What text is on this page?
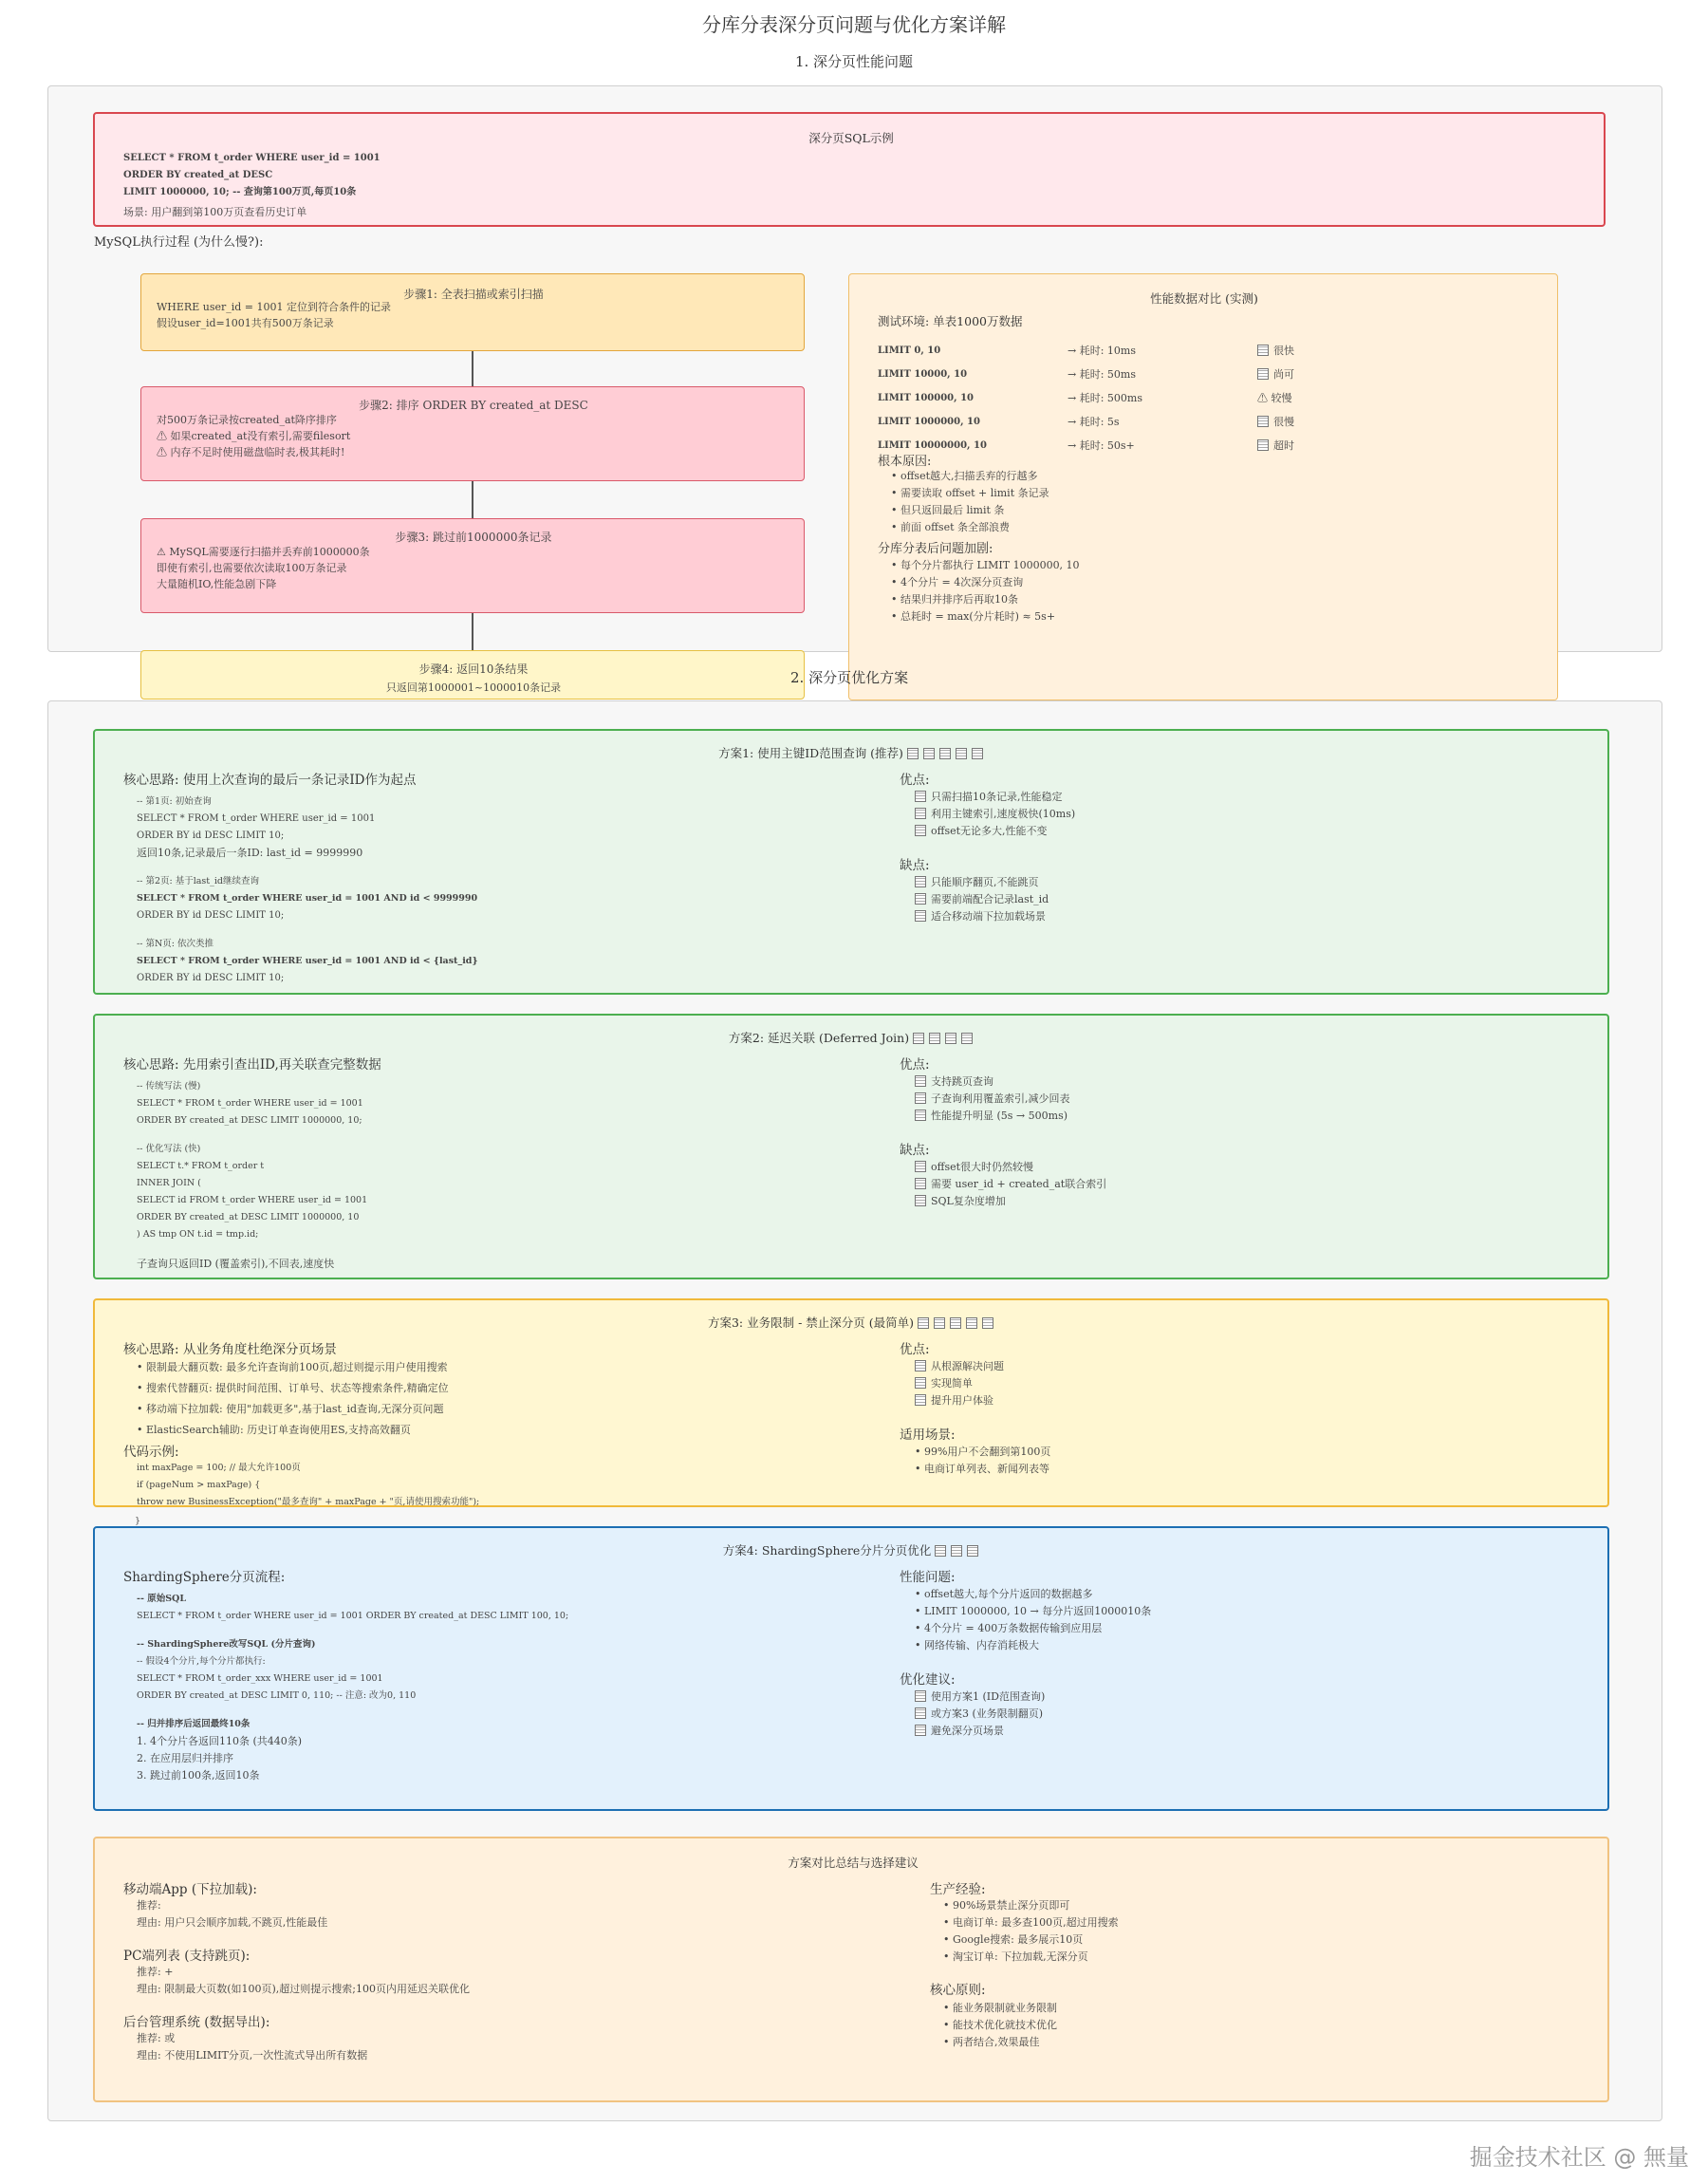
分库分表深分页问题与优化方案详解
1. 深分页性能问题
深分页SQL示例
SELECT * FROM t_order WHERE user_id = 1001
ORDER BY created_at DESC
LIMIT 1000000, 10; -- 查询第100万页,每页10条
场景: 用户翻到第100万页查看历史订单
MySQL执行过程 (为什么慢?):
步骤1: 全表扫描或索引扫描
WHERE user_id = 1001 定位到符合条件的记录
假设user_id=1001共有500万条记录
步骤2: 排序 ORDER BY created_at DESC
对500万条记录按created_at降序排序
⚠ 如果created_at没有索引,需要filesort
⚠ 内存不足时使用磁盘临时表,极其耗时!
步骤3: 跳过前1000000条记录
⚠ MySQL需要逐行扫描并丢弃前1000000条
即使有索引,也需要依次读取100万条记录
大量随机IO,性能急剧下降
步骤4: 返回10条结果
只返回第1000001~1000010条记录
性能数据对比 (实测)
测试环境: 单表1000万数据
LIMIT 0, 10	→ 耗时: 10ms	很快
LIMIT 10000, 10	→ 耗时: 50ms	尚可
LIMIT 100000, 10	→ 耗时: 500ms	⚠ 较慢
LIMIT 1000000, 10	→ 耗时: 5s	很慢
LIMIT 10000000, 10	→ 耗时: 50s+	超时
根本原因:
• offset越大,扫描丢弃的行越多
• 需要读取 offset + limit 条记录
• 但只返回最后 limit 条
• 前面 offset 条全部浪费
分库分表后问题加剧:
• 每个分片都执行 LIMIT 1000000, 10
• 4个分片 = 4次深分页查询
• 结果归并排序后再取10条
• 总耗时 = max(分片耗时) ≈ 5s+
2. 深分页优化方案
方案1: 使用主键ID范围查询 (推荐)
核心思路: 使用上次查询的最后一条记录ID作为起点
-- 第1页: 初始查询
SELECT * FROM t_order WHERE user_id = 1001
ORDER BY id DESC LIMIT 10;
返回10条,记录最后一条ID: last_id = 9999990
-- 第2页: 基于last_id继续查询
SELECT * FROM t_order WHERE user_id = 1001 AND id < 9999990
ORDER BY id DESC LIMIT 10;
-- 第N页: 依次类推
SELECT * FROM t_order WHERE user_id = 1001 AND id < {last_id}
ORDER BY id DESC LIMIT 10;
优点:
只需扫描10条记录,性能稳定
利用主键索引,速度极快(10ms)
offset无论多大,性能不变
缺点:
只能顺序翻页,不能跳页
需要前端配合记录last_id
适合移动端下拉加载场景
方案2: 延迟关联 (Deferred Join)
核心思路: 先用索引查出ID,再关联查完整数据
-- 传统写法 (慢)
SELECT * FROM t_order WHERE user_id = 1001
ORDER BY created_at DESC LIMIT 1000000, 10;
-- 优化写法 (快)
SELECT t.* FROM t_order t
INNER JOIN (
SELECT id FROM t_order WHERE user_id = 1001
ORDER BY created_at DESC LIMIT 1000000, 10
) AS tmp ON t.id = tmp.id;
子查询只返回ID (覆盖索引),不回表,速度快
优点:
支持跳页查询
子查询利用覆盖索引,减少回表
性能提升明显 (5s → 500ms)
缺点:
offset很大时仍然较慢
需要 user_id + created_at联合索引
SQL复杂度增加
方案3: 业务限制 - 禁止深分页 (最简单)
核心思路: 从业务角度杜绝深分页场景
• 限制最大翻页数: 最多允许查询前100页,超过则提示用户使用搜索
• 搜索代替翻页: 提供时间范围、订单号、状态等搜索条件,精确定位
• 移动端下拉加载: 使用"加载更多",基于last_id查询,无深分页问题
• ElasticSearch辅助: 历史订单查询使用ES,支持高效翻页
代码示例:
int maxPage = 100; // 最大允许100页
if (pageNum > maxPage) {
throw new BusinessException("最多查询" + maxPage + "页,请使用搜索功能");
优点:
从根源解决问题
实现简单
提升用户体验
适用场景:
• 99%用户不会翻到第100页
• 电商订单列表、新闻列表等
}
方案4: ShardingSphere分片分页优化
ShardingSphere分页流程:
-- 原始SQL
SELECT * FROM t_order WHERE user_id = 1001 ORDER BY created_at DESC LIMIT 100, 10;
-- ShardingSphere改写SQL (分片查询)
-- 假设4个分片,每个分片都执行:
SELECT * FROM t_order_xxx WHERE user_id = 1001
ORDER BY created_at DESC LIMIT 0, 110; -- 注意: 改为0, 110
-- 归并排序后返回最终10条
1. 4个分片各返回110条 (共440条)
2. 在应用层归并排序
3. 跳过前100条,返回10条
性能问题:
• offset越大,每个分片返回的数据越多
• LIMIT 1000000, 10 → 每分片返回1000010条
• 4个分片 = 400万条数据传输到应用层
• 网络传输、内存消耗极大
优化建议:
使用方案1 (ID范围查询)
或方案3 (业务限制翻页)
避免深分页场景
方案对比总结与选择建议
移动端App (下拉加载):
推荐:
理由: 用户只会顺序加载,不跳页,性能最佳
PC端列表 (支持跳页):
推荐: +
理由: 限制最大页数(如100页),超过则提示搜索;100页内用延迟关联优化
后台管理系统 (数据导出):
推荐: 或
理由: 不使用LIMIT分页,一次性流式导出所有数据
生产经验:
• 90%场景禁止深分页即可
• 电商订单: 最多查100页,超过用搜索
• Google搜索: 最多展示10页
• 淘宝订单: 下拉加载,无深分页
核心原则:
• 能业务限制就业务限制
• 能技术优化就技术优化
• 两者结合,效果最佳
掘金技术社区 @ 無量
